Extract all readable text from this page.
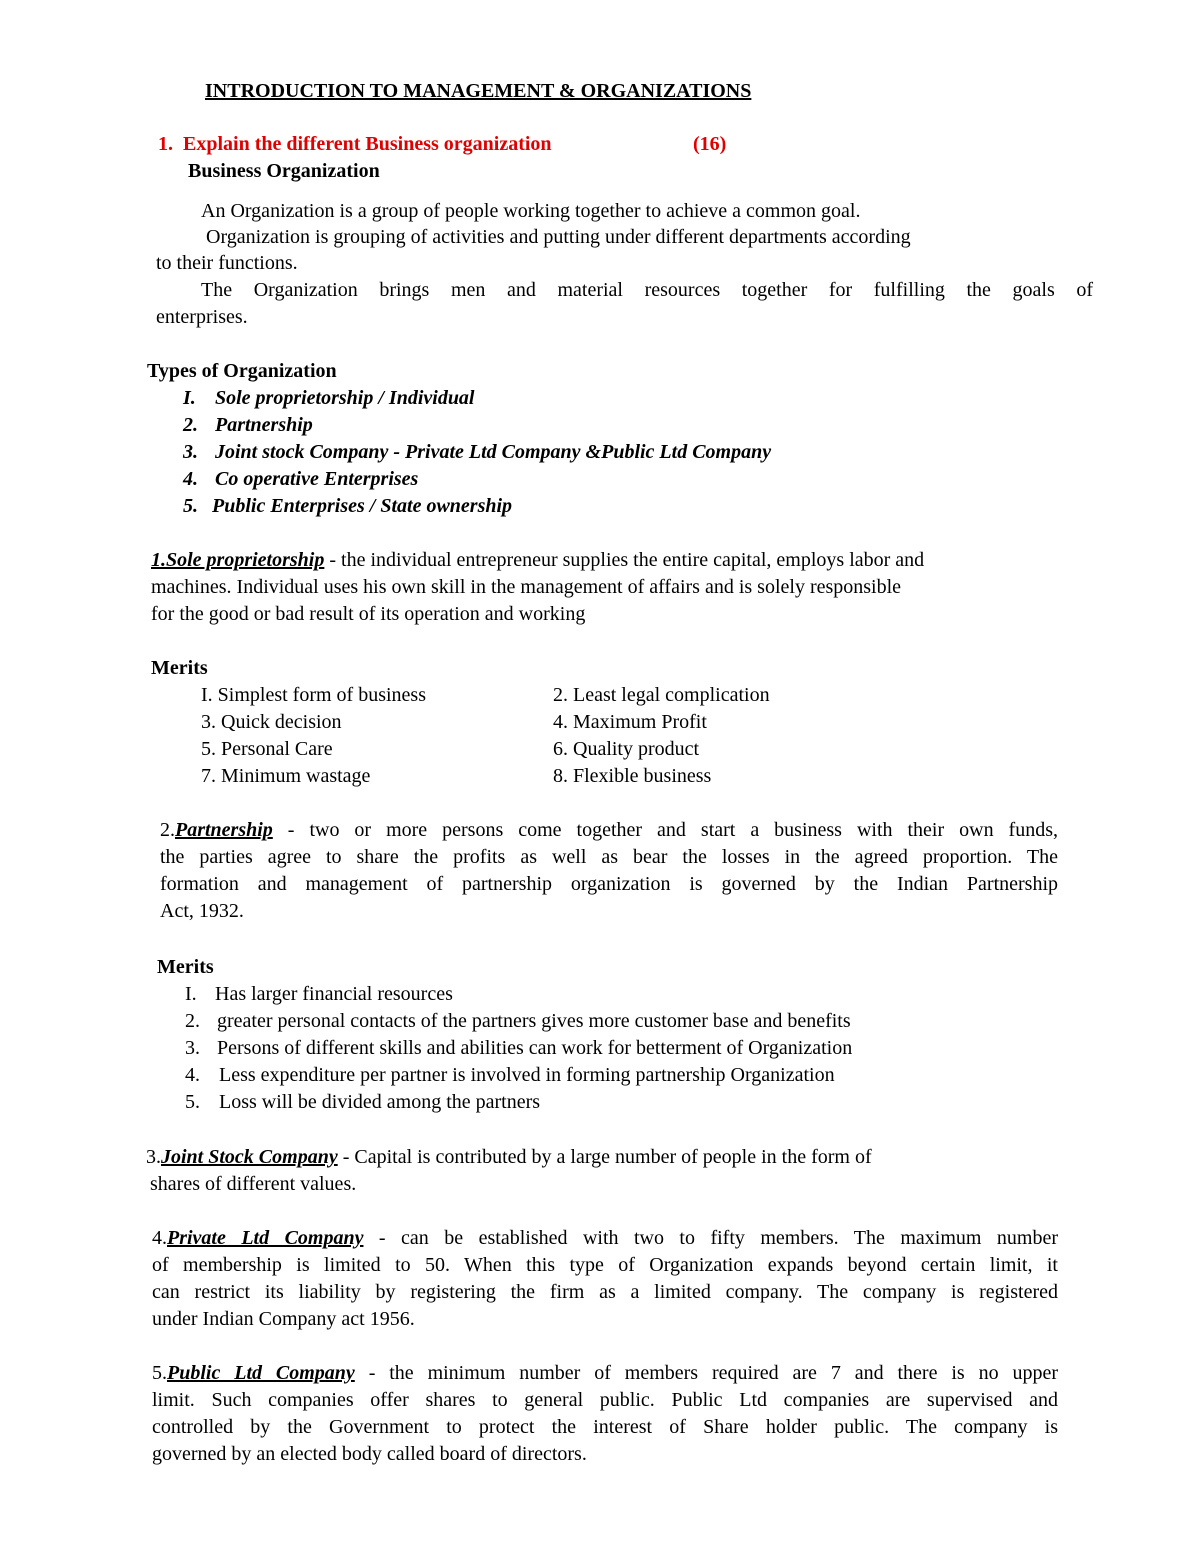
INTRODUCTION TO MANAGEMENT & ORGANIZATIONS
1. Explain the different Business organization	(16)
Business Organization
An Organization is a group of people working together to achieve a common goal.
Organization is grouping of activities and putting under different departments according
to their functions.
The Organization brings men and material resources together for fulfilling the goals of
enterprises.
Types of Organization
I. Sole proprietorship / Individual
2. Partnership
3. Joint stock Company - Private Ltd Company &Public Ltd Company
4. Co operative Enterprises
5. Public Enterprises / State ownership
1.Sole proprietorship - the individual entrepreneur supplies the entire capital, employs labor and
machines. Individual uses his own skill in the management of affairs and is solely responsible
for the good or bad result of its operation and working
Merits
I. Simplest form of business	2. Least legal complication
3. Quick decision	4. Maximum Profit
5. Personal Care	6. Quality product
7. Minimum wastage	8. Flexible business
2.Partnership - two or more persons come together and start a business with their own funds,
the parties agree to share the profits as well as bear the losses in the agreed proportion. The
formation and management of partnership organization is governed by the Indian Partnership
Act, 1932.
Merits
I. Has larger financial resources
2. greater personal contacts of the partners gives more customer base and benefits
3. Persons of different skills and abilities can work for betterment of Organization
4. Less expenditure per partner is involved in forming partnership Organization
5. Loss will be divided among the partners
3.Joint Stock Company - Capital is contributed by a large number of people in the form of
shares of different values.
4.Private Ltd Company - can be established with two to fifty members. The maximum number
of membership is limited to 50. When this type of Organization expands beyond certain limit, it
can restrict its liability by registering the firm as a limited company. The company is registered
under Indian Company act 1956.
5.Public Ltd Company - the minimum number of members required are 7 and there is no upper
limit. Such companies offer shares to general public. Public Ltd companies are supervised and
controlled by the Government to protect the interest of Share holder public. The company is
governed by an elected body called board of directors.
